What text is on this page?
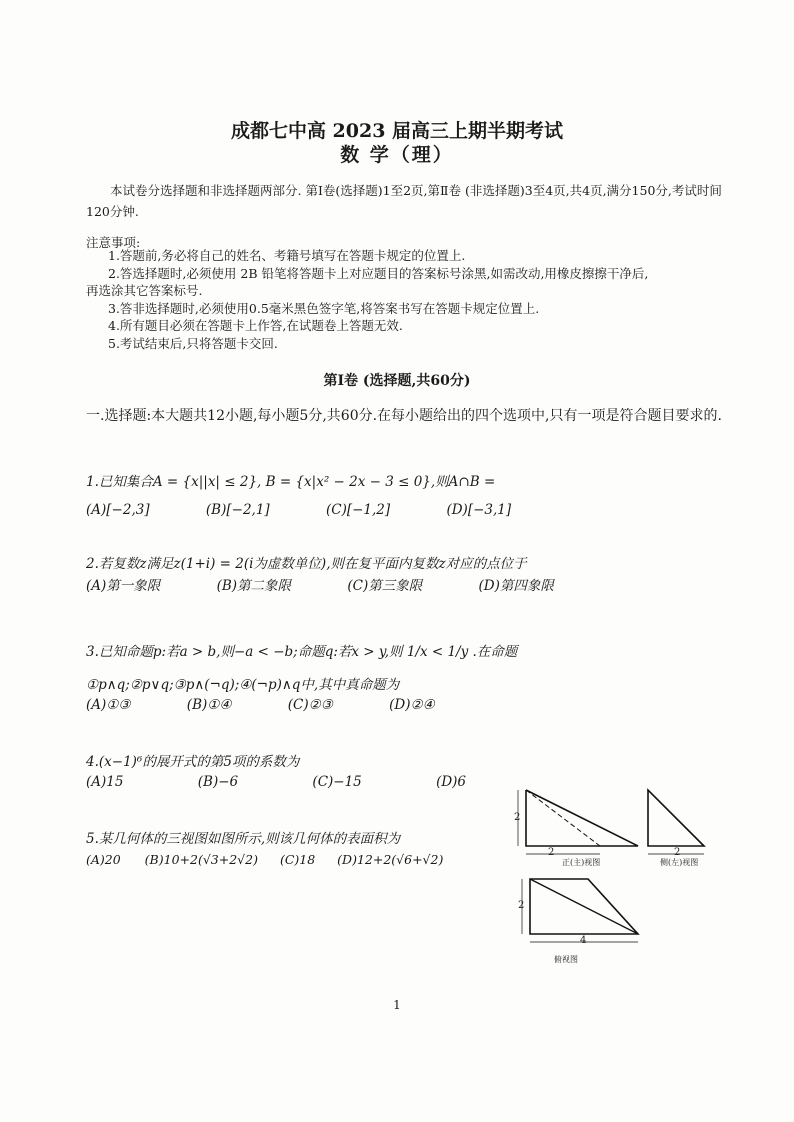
成都七中高 2023 届高三上期半期考试
数 学（理）
本试卷分选择题和非选择题两部分. 第Ⅰ卷(选择题)1至2页,第Ⅱ卷 (非选择题)3至4页,共4页,满分150分,考试时间120分钟.
注意事项:
1.答题前,务必将自己的姓名、考籍号填写在答题卡规定的位置上.
2.答选择题时,必须使用 2B 铅笔将答题卡上对应题目的答案标号涂黑,如需改动,用橡皮擦擦干净后,
再选涂其它答案标号.
3.答非选择题时,必须使用0.5毫米黑色签字笔,将答案书写在答题卡规定位置上.
4.所有题目必须在答题卡上作答,在试题卷上答题无效.
5.考试结束后,只将答题卡交回.
第Ⅰ卷 (选择题,共60分)
一.选择题:本大题共12小题,每小题5分,共60分.在每小题给出的四个选项中,只有一项是符合题目要求的.
1.已知集合A = {x||x| ≤ 2}, B = {x|x² − 2x − 3 ≤ 0},则A∩B =
(A)[−2,3]	(B)[−2,1]	(C)[−1,2]	(D)[−3,1]
2.若复数z满足z(1+i) = 2(i为虚数单位),则在复平面内复数z对应的点位于
(A)第一象限	(B)第二象限	(C)第三象限	(D)第四象限
3.已知命题p:若a > b,则−a < −b;命题q:若x > y,则 1/x < 1/y .在命题
①p∧q;②p∨q;③p∧(¬q);④(¬p)∧q中,其中真命题为
(A)①③	(B)①④	(C)②③	(D)②④
4.(x−1)⁶的展开式的第5项的系数为
(A)15	(B)−6	(C)−15	(D)6
5.某几何体的三视图如图所示,则该几何体的表面积为
(A)20 (B)10+2(√3+2√2) (C)18 (D)12+2(√6+√2)
2
2
正(主)视图
2
侧(左)视图
2
4
俯视图
1
